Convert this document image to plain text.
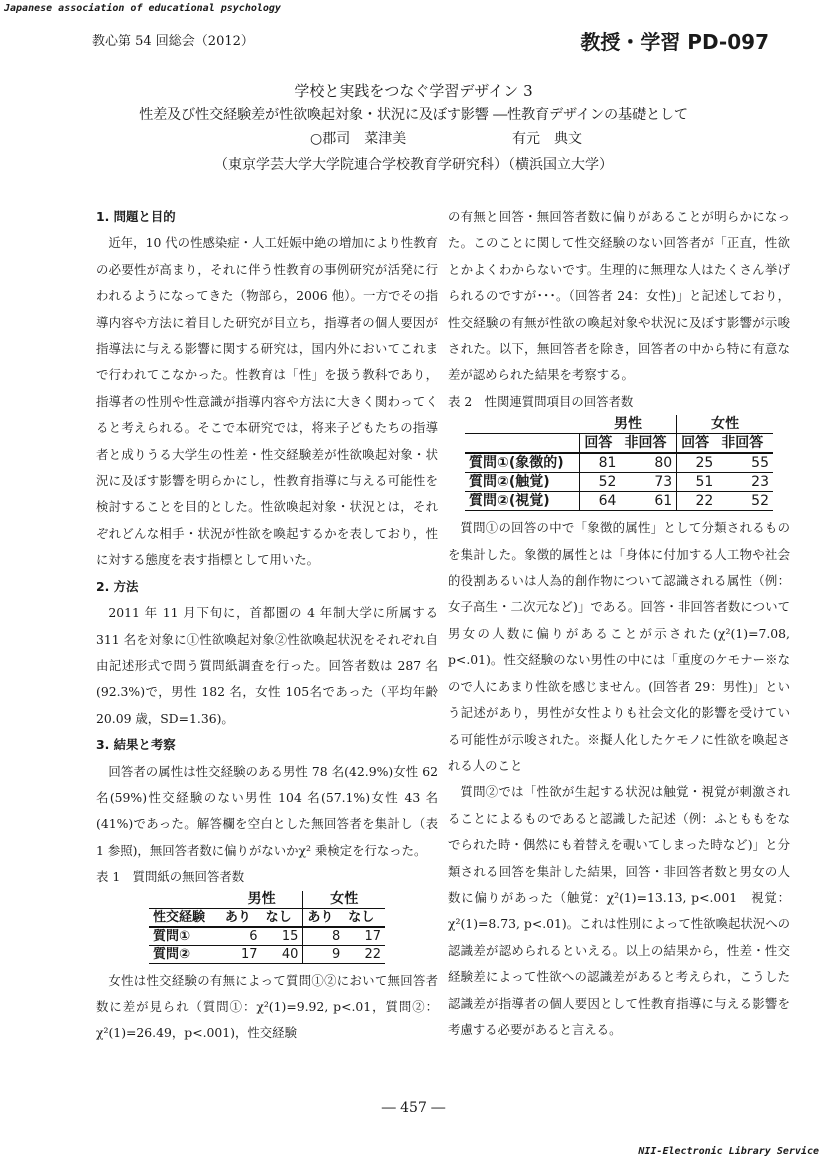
Japanese association of educational psychology
教心第 54 回総会（2012）	教授・学習 PD-097
学校と実践をつなぐ学習デザイン 3
性差及び性交経験差が性欲喚起対象・状況に及ぼす影響 ―性教育デザインの基礎として
○郡司　菜津美	有元　典文
（東京学芸大学大学院連合学校教育学研究科）（横浜国立大学）

1. 問題と目的

近年，10 代の性感染症・人工妊娠中絶の増加により性教育の必要性が高まり，それに伴う性教育の事例研究が活発に行われるようになってきた（物部ら，2006 他）。一方でその指導内容や方法に着目した研究が目立ち，指導者の個人要因が指導法に与える影響に関する研究は，国内外においてこれまで行われてこなかった。性教育は「性」を扱う教科であり，指導者の性別や性意識が指導内容や方法に大きく関わってくると考えられる。そこで本研究では，将来子どもたちの指導者と成りうる大学生の性差・性交経験差が性欲喚起対象・状況に及ぼす影響を明らかにし，性教育指導に与える可能性を検討することを目的とした。性欲喚起対象・状況とは，それぞれどんな相手・状況が性欲を喚起するかを表しており，性に対する態度を表す指標として用いた。

2. 方法

2011 年 11 月下旬に，首都圏の 4 年制大学に所属する 311 名を対象に①性欲喚起対象②性欲喚起状況をそれぞれ自由記述形式で問う質問紙調査を行った。回答者数は 287 名(92.3%)で，男性 182 名，女性 105名であった（平均年齢 20.09 歳，SD=1.36)。

3. 結果と考察

回答者の属性は性交経験のある男性 78 名(42.9%)女性 62 名(59%)性交経験のない男性 104 名(57.1%)女性 43 名(41%)であった。解答欄を空白とした無回答者を集計し（表 1 参照)，無回答者数に偏りがないかχ² 乗検定を行なった。

表 1　質問紙の無回答者数

	男性		女性	
性交経験	あり	なし	あり	なし
質問①	6	15	8	17
質問②	17	40	9	22

女性は性交経験の有無によって質問①②において無回答者数に差が見られ（質問①：χ²(1)=9.92, p<.01，質問②：χ²(1)=26.49，p<.001)，性交経験

の有無と回答・無回答者数に偏りがあることが明らかになった。このことに関して性交経験のない回答者が「正直，性欲とかよくわからないです。生理的に無理な人はたくさん挙げられるのですが･･･。（回答者 24：女性)」と記述しており，性交経験の有無が性欲の喚起対象や状況に及ぼす影響が示唆された。以下，無回答者を除き，回答者の中から特に有意な差が認められた結果を考察する。

表 2　性関連質問項目の回答者数

	男性		女性	
	回答	非回答	回答	非回答
質問①(象徴的)	81	80	25	55
質問②(触覚)	52	73	51	23
質問②(視覚)	64	61	22	52

質問①の回答の中で「象徴的属性」として分類されるものを集計した。象徴的属性とは「身体に付加する人工物や社会的役割あるいは人為的創作物について認識される属性（例：女子高生・二次元など)」である。回答・非回答者数について男女の人数に偏りがあることが示された(χ²(1)=7.08, p<.01)。性交経験のない男性の中には「重度のケモナー※なので人にあまり性欲を感じません。(回答者 29：男性)」という記述があり，男性が女性よりも社会文化的影響を受けている可能性が示唆された。※擬人化したケモノに性欲を喚起される人のこと

質問②では「性欲が生起する状況は触覚・視覚が刺激されることによるものであると認識した記述（例：ふとももをなでられた時・偶然にも着替えを覗いてしまった時など)」と分類される回答を集計した結果，回答・非回答者数と男女の人数に偏りがあった（触覚：χ²(1)=13.13, p<.001　視覚：χ²(1)=8.73, p<.01)。これは性別によって性欲喚起状況への認識差が認められるといえる。以上の結果から，性差・性交経験差によって性欲への認識差があると考えられ，こうした認識差が指導者の個人要因として性教育指導に与える影響を考慮する必要があると言える。

― 457 ―
NII-Electronic Library Service
